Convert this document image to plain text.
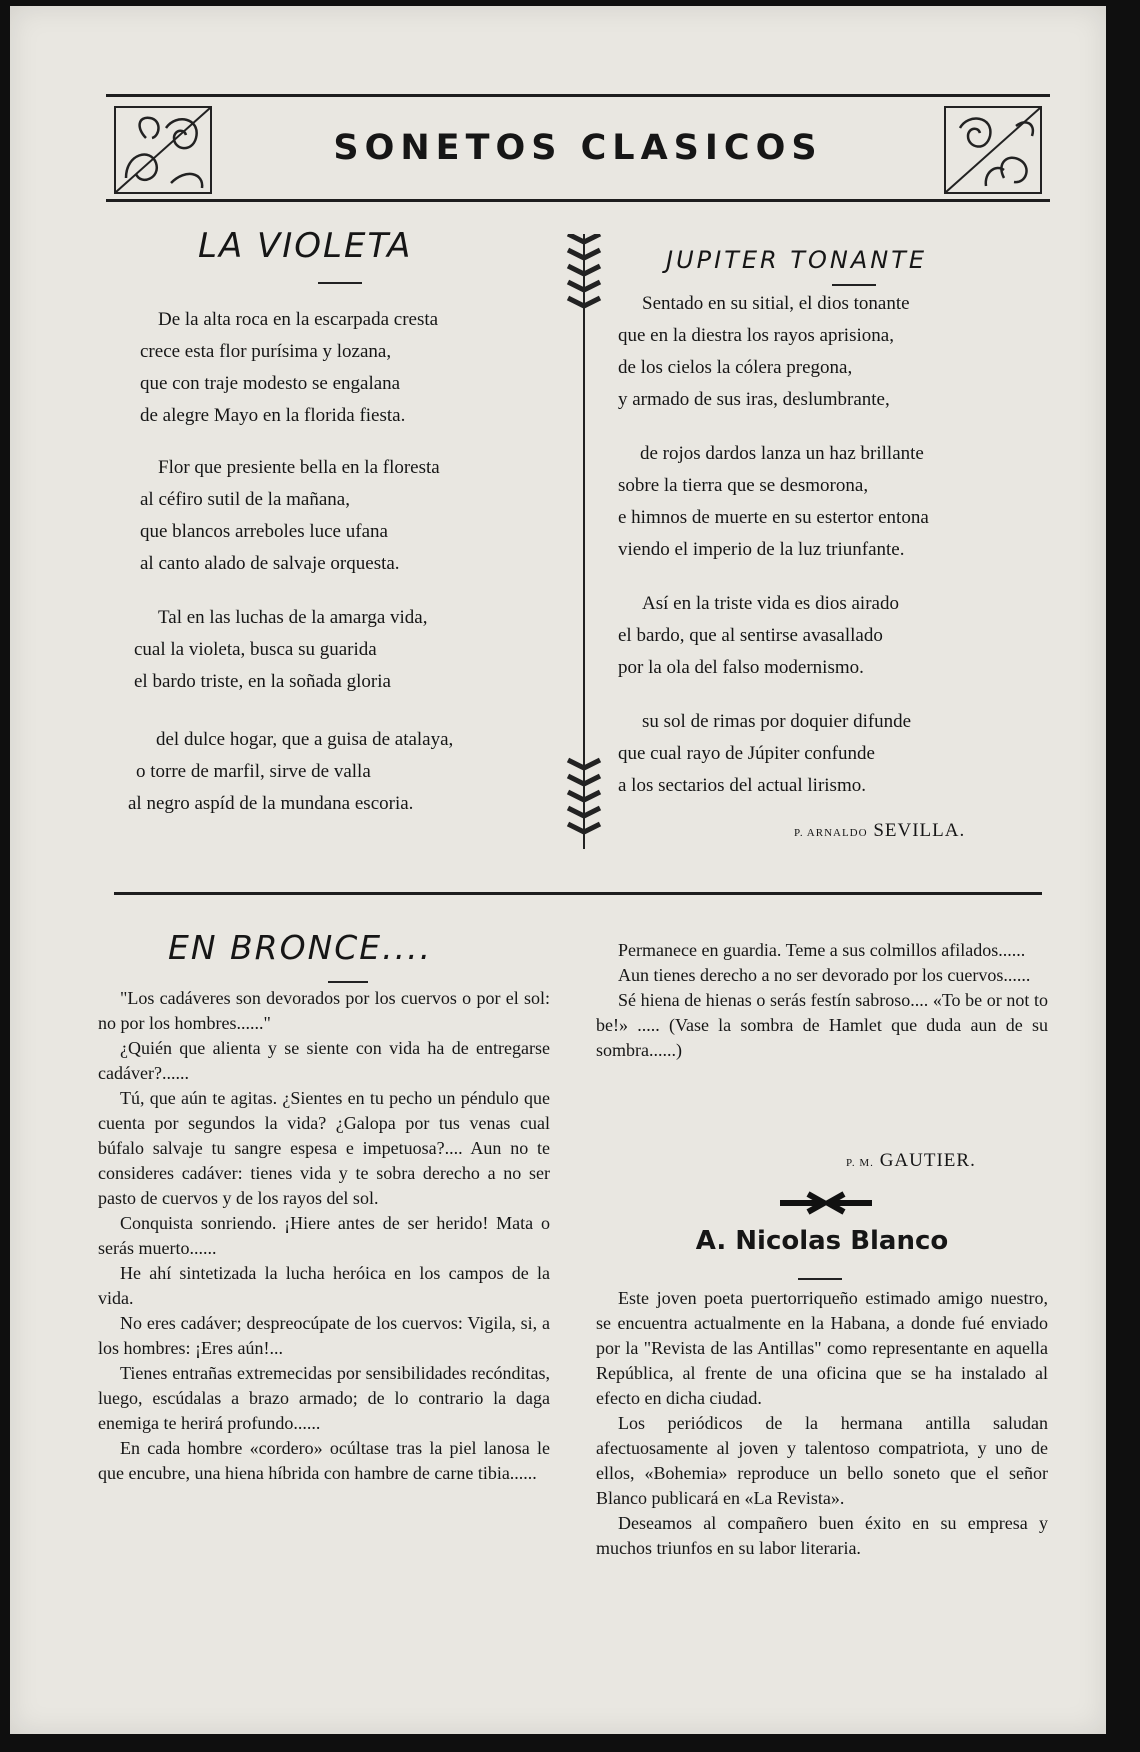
SONETOS CLASICOS
LA VIOLETA
De la alta roca en la escarpada cresta
crece esta flor purísima y lozana,
que con traje modesto se engalana
de alegre Mayo en la florida fiesta.
Flor que presiente bella en la floresta
al céfiro sutil de la mañana,
que blancos arreboles luce ufana
al canto alado de salvaje orquesta.
Tal en las luchas de la amarga vida,
cual la violeta, busca su guarida
el bardo triste, en la soñada gloria
del dulce hogar, que a guisa de atalaya,
o torre de marfil, sirve de valla
al negro aspíd de la mundana escoria.
JUPITER TONANTE
Sentado en su sitial, el dios tonante
que en la diestra los rayos aprisiona,
de los cielos la cólera pregona,
y armado de sus iras, deslumbrante,
de rojos dardos lanza un haz brillante
sobre la tierra que se desmorona,
e himnos de muerte en su estertor entona
viendo el imperio de la luz triunfante.
Así en la triste vida es dios airado
el bardo, que al sentirse avasallado
por la ola del falso modernismo.
su sol de rimas por doquier difunde
que cual rayo de Júpiter confunde
a los sectarios del actual lirismo.
P. ARNALDO SEVILLA.
EN BRONCE....

"Los cadáveres son devorados por los cuervos o por el sol: no por los hombres......"

¿Quién que alienta y se siente con vida ha de entregarse cadáver?......

Tú, que aún te agitas. ¿Sientes en tu pecho un péndulo que cuenta por segundos la vida? ¿Galopa por tus venas cual búfalo salvaje tu sangre espesa e impetuosa?.... Aun no te consideres cadáver: tienes vida y te sobra derecho a no ser pasto de cuervos y de los rayos del sol.

Conquista sonriendo. ¡Hiere antes de ser herido! Mata o serás muerto......

He ahí sintetizada la lucha heróica en los campos de la vida.

No eres cadáver; despreocúpate de los cuervos: Vigila, si, a los hombres: ¡Eres aún!...

Tienes entrañas extremecidas por sensibilidades recónditas, luego, escúdalas a brazo armado; de lo contrario la daga enemiga te herirá profundo......

En cada hombre «cordero» ocúltase tras la piel lanosa le que encubre, una hiena híbrida con hambre de carne tibia......

Permanece en guardia. Teme a sus colmillos afilados......

Aun tienes derecho a no ser devorado por los cuervos......

Sé hiena de hienas o serás festín sabroso.... «To be or not to be!» ..... (Vase la sombra de Hamlet que duda aun de su sombra......)

P. M. GAUTIER.
A. Nicolas Blanco

Este joven poeta puertorriqueño estimado amigo nuestro, se encuentra actualmente en la Habana, a donde fué enviado por la "Revista de las Antillas" como representante en aquella República, al frente de una oficina que se ha instalado al efecto en dicha ciudad.

Los periódicos de la hermana antilla saludan afectuosamente al joven y talentoso compatriota, y uno de ellos, «Bohemia» reproduce un bello soneto que el señor Blanco publicará en «La Revista».

Deseamos al compañero buen éxito en su empresa y muchos triunfos en su labor literaria.
